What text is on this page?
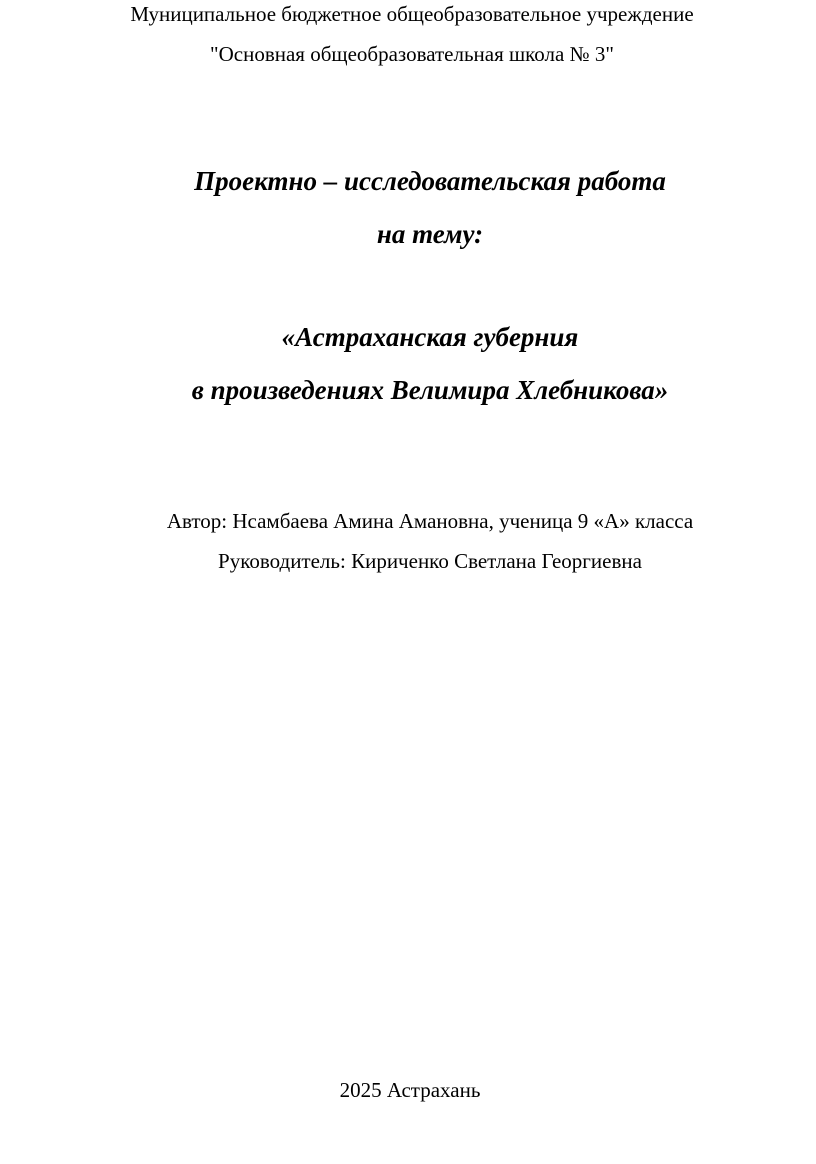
Муниципальное бюджетное общеобразовательное учреждение
"Основная общеобразовательная школа № 3"
Проектно – исследовательская работа
на тему:
«Астраханская губерния
в произведениях Велимира Хлебникова»
Автор: Нсамбаева Амина Амановна, ученица 9 «А» класса
Руководитель: Кириченко Светлана Георгиевна
2025 Астрахань
